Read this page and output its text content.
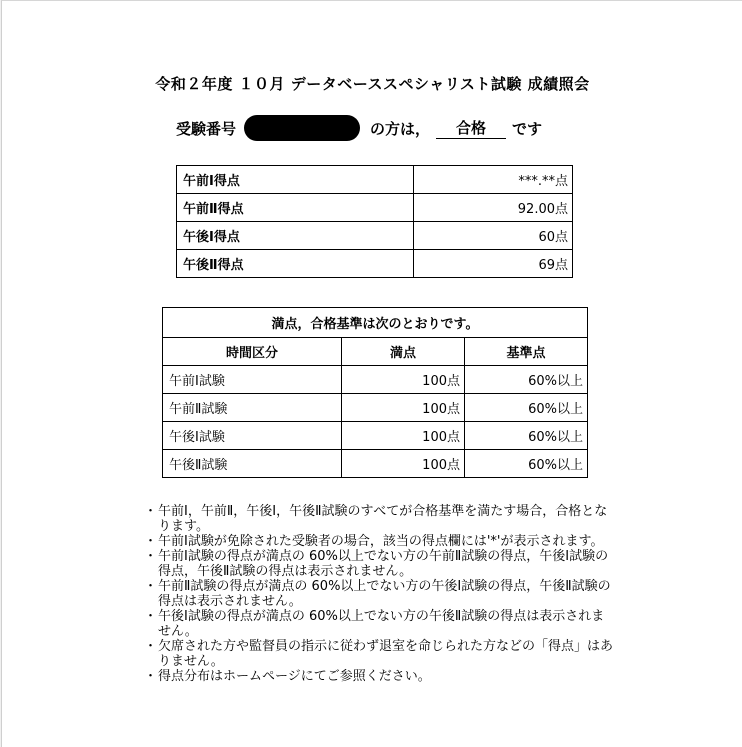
令和２年度 １０月 データベーススペシャリスト試験 成績照会
受験番号	の方は，	合格	です
午前Ⅰ得点	***.**点
午前Ⅱ得点	92.00点
午後Ⅰ得点	60点
午後Ⅱ得点	69点
満点，合格基準は次のとおりです。		
時間区分	満点	基準点
午前Ⅰ試験	100点	60%以上
午前Ⅱ試験	100点	60%以上
午後Ⅰ試験	100点	60%以上
午後Ⅱ試験	100点	60%以上
・ 午前Ⅰ，午前Ⅱ，午後Ⅰ，午後Ⅱ試験のすべてが合格基準を満たす場合，合格となります。
・ 午前Ⅰ試験が免除された受験者の場合，該当の得点欄には'*'が表示されます。
・ 午前Ⅰ試験の得点が満点の 60%以上でない方の午前Ⅱ試験の得点，午後Ⅰ試験の得点，午後Ⅱ試験の得点は表示されません。
・ 午前Ⅱ試験の得点が満点の 60%以上でない方の午後Ⅰ試験の得点，午後Ⅱ試験の得点は表示されません。
・ 午後Ⅰ試験の得点が満点の 60%以上でない方の午後Ⅱ試験の得点は表示されません。
・ 欠席された方や監督員の指示に従わず退室を命じられた方などの「得点」はありません。
・ 得点分布はホームページにてご参照ください。
